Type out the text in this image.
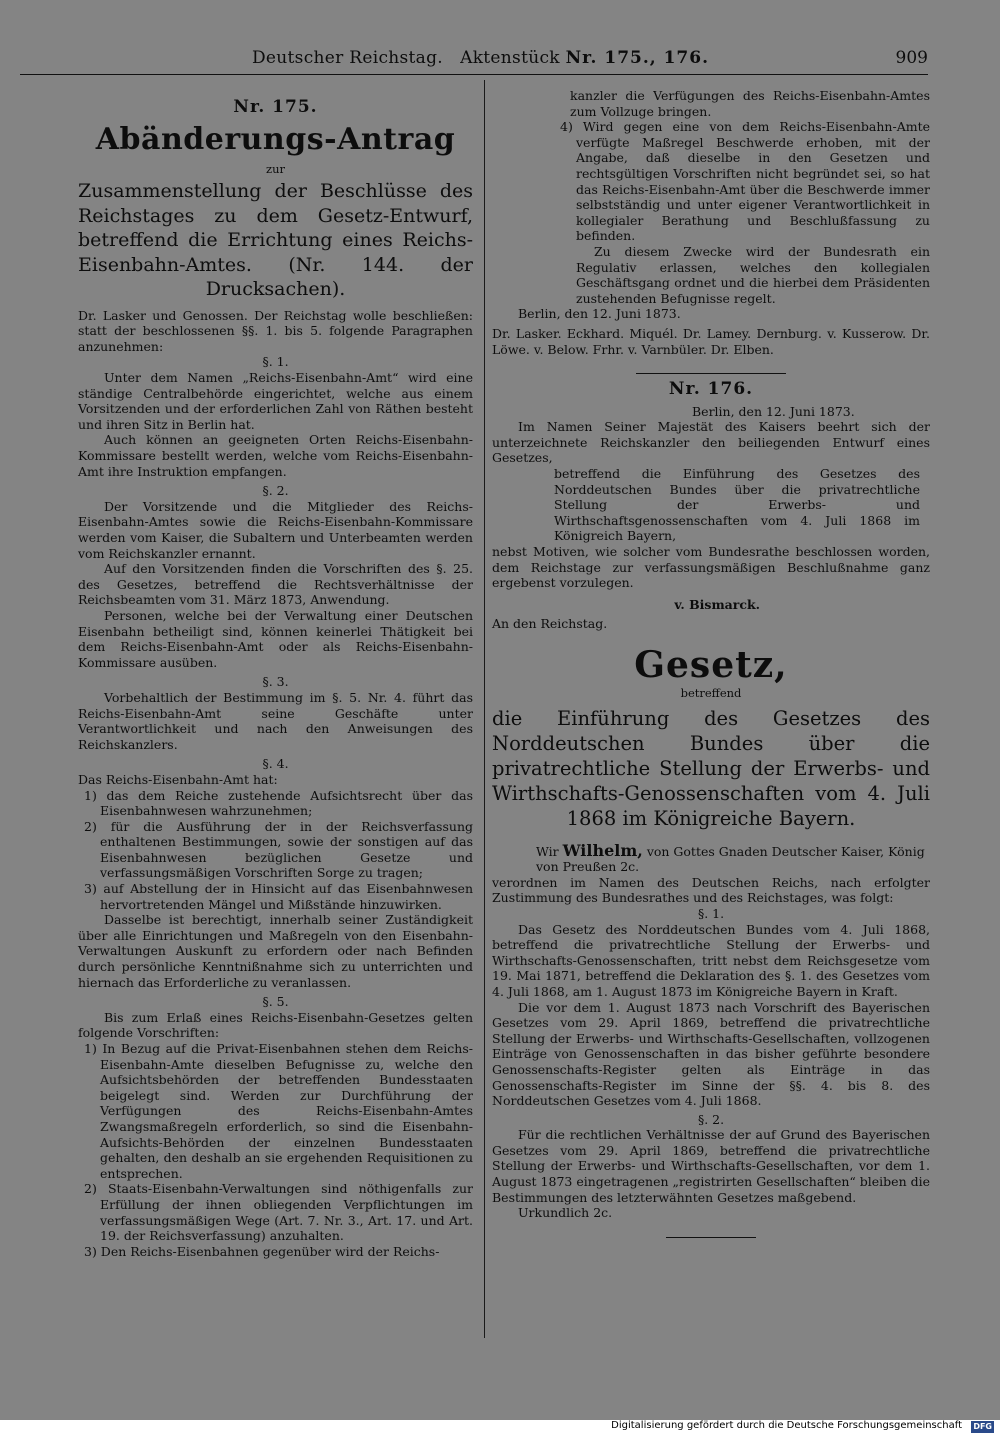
Deutscher Reichstag. Aktenstück Nr. 175., 176.	909
Nr. 175.
Abänderungs-Antrag
zur
Zusammenstellung der Beschlüsse des Reichstages zu dem Gesetz-Entwurf, betreffend die Errichtung eines Reichs-Eisenbahn-Amtes. (Nr. 144. der Drucksachen).

Dr. Lasker und Genossen. Der Reichstag wolle beschließen: statt der beschlossenen §§. 1. bis 5. folgende Paragraphen anzunehmen:

§. 1.

Unter dem Namen „Reichs-Eisenbahn-Amt“ wird eine ständige Centralbehörde eingerichtet, welche aus einem Vorsitzenden und der erforderlichen Zahl von Räthen besteht und ihren Sitz in Berlin hat.

Auch können an geeigneten Orten Reichs-Eisenbahn-Kommissare bestellt werden, welche vom Reichs-Eisenbahn-Amt ihre Instruktion empfangen.

§. 2.

Der Vorsitzende und die Mitglieder des Reichs-Eisenbahn-Amtes sowie die Reichs-Eisenbahn-Kommissare werden vom Kaiser, die Subaltern und Unterbeamten werden vom Reichskanzler ernannt.

Auf den Vorsitzenden finden die Vorschriften des §. 25. des Gesetzes, betreffend die Rechtsverhältnisse der Reichsbeamten vom 31. März 1873, Anwendung.

Personen, welche bei der Verwaltung einer Deutschen Eisenbahn betheiligt sind, können keinerlei Thätigkeit bei dem Reichs-Eisenbahn-Amt oder als Reichs-Eisenbahn-Kommissare ausüben.

§. 3.

Vorbehaltlich der Bestimmung im §. 5. Nr. 4. führt das Reichs-Eisenbahn-Amt seine Geschäfte unter Verantwortlichkeit und nach den Anweisungen des Reichskanzlers.

§. 4.

Das Reichs-Eisenbahn-Amt hat:

1) das dem Reiche zustehende Aufsichtsrecht über das Eisenbahnwesen wahrzunehmen;

2) für die Ausführung der in der Reichsverfassung enthaltenen Bestimmungen, sowie der sonstigen auf das Eisenbahnwesen bezüglichen Gesetze und verfassungsmäßigen Vorschriften Sorge zu tragen;

3) auf Abstellung der in Hinsicht auf das Eisenbahnwesen hervortretenden Mängel und Mißstände hinzuwirken.

Dasselbe ist berechtigt, innerhalb seiner Zuständigkeit über alle Einrichtungen und Maßregeln von den Eisenbahn-Verwaltungen Auskunft zu erfordern oder nach Befinden durch persönliche Kenntnißnahme sich zu unterrichten und hiernach das Erforderliche zu veranlassen.

§. 5.

Bis zum Erlaß eines Reichs-Eisenbahn-Gesetzes gelten folgende Vorschriften:

1) In Bezug auf die Privat-Eisenbahnen stehen dem Reichs-Eisenbahn-Amte dieselben Befugnisse zu, welche den Aufsichtsbehörden der betreffenden Bundesstaaten beigelegt sind. Werden zur Durchführung der Verfügungen des Reichs-Eisenbahn-Amtes Zwangsmaßregeln erforderlich, so sind die Eisenbahn-Aufsichts-Behörden der einzelnen Bundesstaaten gehalten, den deshalb an sie ergehenden Requisitionen zu entsprechen.

2) Staats-Eisenbahn-Verwaltungen sind nöthigenfalls zur Erfüllung der ihnen obliegenden Verpflichtungen im verfassungsmäßigen Wege (Art. 7. Nr. 3., Art. 17. und Art. 19. der Reichsverfassung) anzuhalten.

3) Den Reichs-Eisenbahnen gegenüber wird der Reichs-

kanzler die Verfügungen des Reichs-Eisenbahn-Amtes zum Vollzuge bringen.

4) Wird gegen eine von dem Reichs-Eisenbahn-Amte verfügte Maßregel Beschwerde erhoben, mit der Angabe, daß dieselbe in den Gesetzen und rechtsgültigen Vorschriften nicht begründet sei, so hat das Reichs-Eisenbahn-Amt über die Beschwerde immer selbstständig und unter eigener Verantwortlichkeit in kollegialer Berathung und Beschlußfassung zu befinden.

Zu diesem Zwecke wird der Bundesrath ein Regulativ erlassen, welches den kollegialen Geschäftsgang ordnet und die hierbei dem Präsidenten zustehenden Befugnisse regelt.

Berlin, den 12. Juni 1873.

Dr. Lasker. Eckhard. Miquél. Dr. Lamey. Dernburg. v. Kusserow. Dr. Löwe. v. Below. Frhr. v. Varnbüler. Dr. Elben.

Nr. 176.

Berlin, den 12. Juni 1873.

Im Namen Seiner Majestät des Kaisers beehrt sich der unterzeichnete Reichskanzler den beiliegenden Entwurf eines Gesetzes,

betreffend die Einführung des Gesetzes des Norddeutschen Bundes über die privatrechtliche Stellung der Erwerbs- und Wirthschaftsgenossenschaften vom 4. Juli 1868 im Königreich Bayern,

nebst Motiven, wie solcher vom Bundesrathe beschlossen worden, dem Reichstage zur verfassungsmäßigen Beschlußnahme ganz ergebenst vorzulegen.

v. Bismarck.

An den Reichstag.

Gesetz,
betreffend
die Einführung des Gesetzes des Norddeutschen Bundes über die privatrechtliche Stellung der Erwerbs- und Wirthschafts-Genossenschaften vom 4. Juli 1868 im Königreiche Bayern.

Wir Wilhelm, von Gottes Gnaden Deutscher Kaiser, König von Preußen 2c.

verordnen im Namen des Deutschen Reichs, nach erfolgter Zustimmung des Bundesrathes und des Reichstages, was folgt:

§. 1.

Das Gesetz des Norddeutschen Bundes vom 4. Juli 1868, betreffend die privatrechtliche Stellung der Erwerbs- und Wirthschafts-Genossenschaften, tritt nebst dem Reichsgesetze vom 19. Mai 1871, betreffend die Deklaration des §. 1. des Gesetzes vom 4. Juli 1868, am 1. August 1873 im Königreiche Bayern in Kraft.

Die vor dem 1. August 1873 nach Vorschrift des Bayerischen Gesetzes vom 29. April 1869, betreffend die privatrechtliche Stellung der Erwerbs- und Wirthschafts-Gesellschaften, vollzogenen Einträge von Genossenschaften in das bisher geführte besondere Genossenschafts-Register gelten als Einträge in das Genossenschafts-Register im Sinne der §§. 4. bis 8. des Norddeutschen Gesetzes vom 4. Juli 1868.

§. 2.

Für die rechtlichen Verhältnisse der auf Grund des Bayerischen Gesetzes vom 29. April 1869, betreffend die privatrechtliche Stellung der Erwerbs- und Wirthschafts-Gesellschaften, vor dem 1. August 1873 eingetragenen „registrirten Gesellschaften“ bleiben die Bestimmungen des letzterwähnten Gesetzes maßgebend.

Urkundlich 2c.

Digitalisierung gefördert durch die Deutsche Forschungsgemeinschaft DFG
